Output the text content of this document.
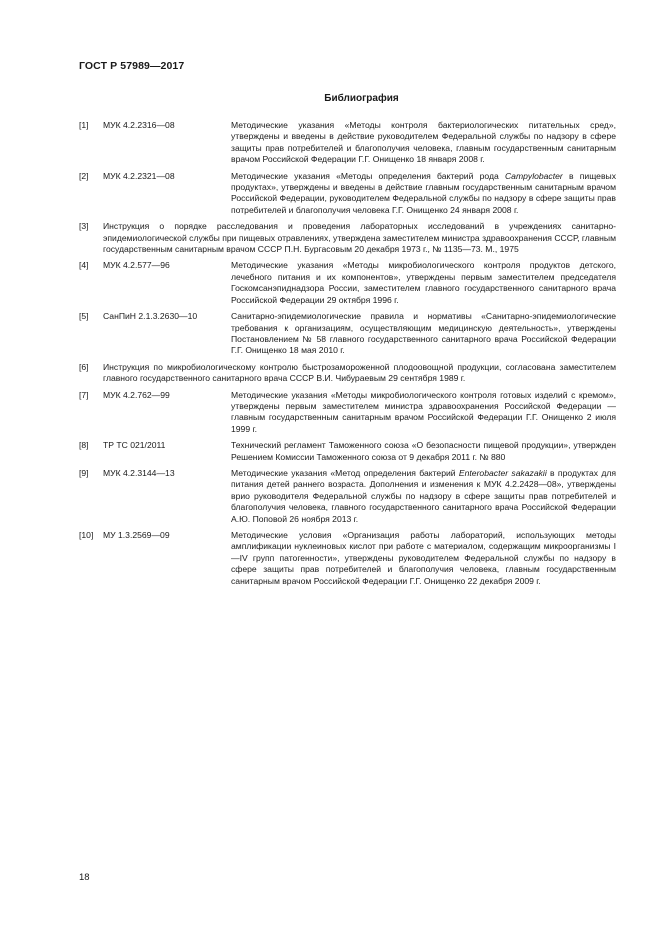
ГОСТ Р 57989—2017
Библиография
[1]	МУК 4.2.2316—08	Методические указания «Методы контроля бактериологических питательных сред», утверждены и введены в действие руководителем Федеральной службы по надзору в сфере защиты прав потребителей и благополучия человека, главным государственным санитарным врачом Российской Федерации Г.Г. Онищенко 18 января 2008 г.
[2]	МУК 4.2.2321—08	Методические указания «Методы определения бактерий рода Campylobacter в пищевых продуктах», утверждены и введены в действие главным государственным санитарным врачом Российской Федерации, руководителем Федеральной службы по надзору в сфере защиты прав потребителей и благополучия человека Г.Г. Онищенко 24 января 2008 г.
[3]	Инструкция о порядке расследования и проведения лабораторных исследований в учреждениях санитарно-эпидемиологической службы при пищевых отравлениях, утверждена заместителем министра здравоохранения СССР, главным государственным санитарным врачом СССР П.Н. Бургасовым 20 декабря 1973 г., № 1135—73. М., 1975
[4]	МУК 4.2.577—96	Методические указания «Методы микробиологического контроля продуктов детского, лечебного питания и их компонентов», утверждены первым заместителем председателя Госкомсанэпиднадзора России, заместителем главного государственного санитарного врача Российской Федерации 29 октября 1996 г.
[5]	СанПиН 2.1.3.2630—10	Санитарно-эпидемиологические правила и нормативы «Санитарно-эпидемиологические требования к организациям, осуществляющим медицинскую деятельность», утверждены Постановлением № 58 главного государственного санитарного врача Российской Федерации Г.Г. Онищенко 18 мая 2010 г.
[6]	Инструкция по микробиологическому контролю быстрозамороженной плодоовощной продукции, согласована заместителем главного государственного санитарного врача СССР В.И. Чибураевым 29 сентября 1989 г.
[7]	МУК 4.2.762—99	Методические указания «Методы микробиологического контроля готовых изделий с кремом», утверждены первым заместителем министра здравоохранения Российской Федерации — главным государственным санитарным врачом Российской Федерации Г.Г. Онищенко 2 июля 1999 г.
[8]	ТР ТС 021/2011	Технический регламент Таможенного союза «О безопасности пищевой продукции», утвержден Решением Комиссии Таможенного союза от 9 декабря 2011 г. № 880
[9]	МУК 4.2.3144—13	Методические указания «Метод определения бактерий Enterobacter sakazakii в продуктах для питания детей раннего возраста. Дополнения и изменения к МУК 4.2.2428—08», утверждены врио руководителя Федеральной службы по надзору в сфере защиты прав потребителей и благополучия человека, главного государственного санитарного врача Российской Федерации А.Ю. Поповой 26 ноября 2013 г.
[10]	МУ 1.3.2569—09	Методические условия «Организация работы лабораторий, использующих методы амплификации нуклеиновых кислот при работе с материалом, содержащим микроорганизмы I—IV групп патогенности», утверждены руководителем Федеральной службы по надзору в сфере защиты прав потребителей и благополучия человека, главным государственным санитарным врачом Российской Федерации Г.Г. Онищенко 22 декабря 2009 г.
18
